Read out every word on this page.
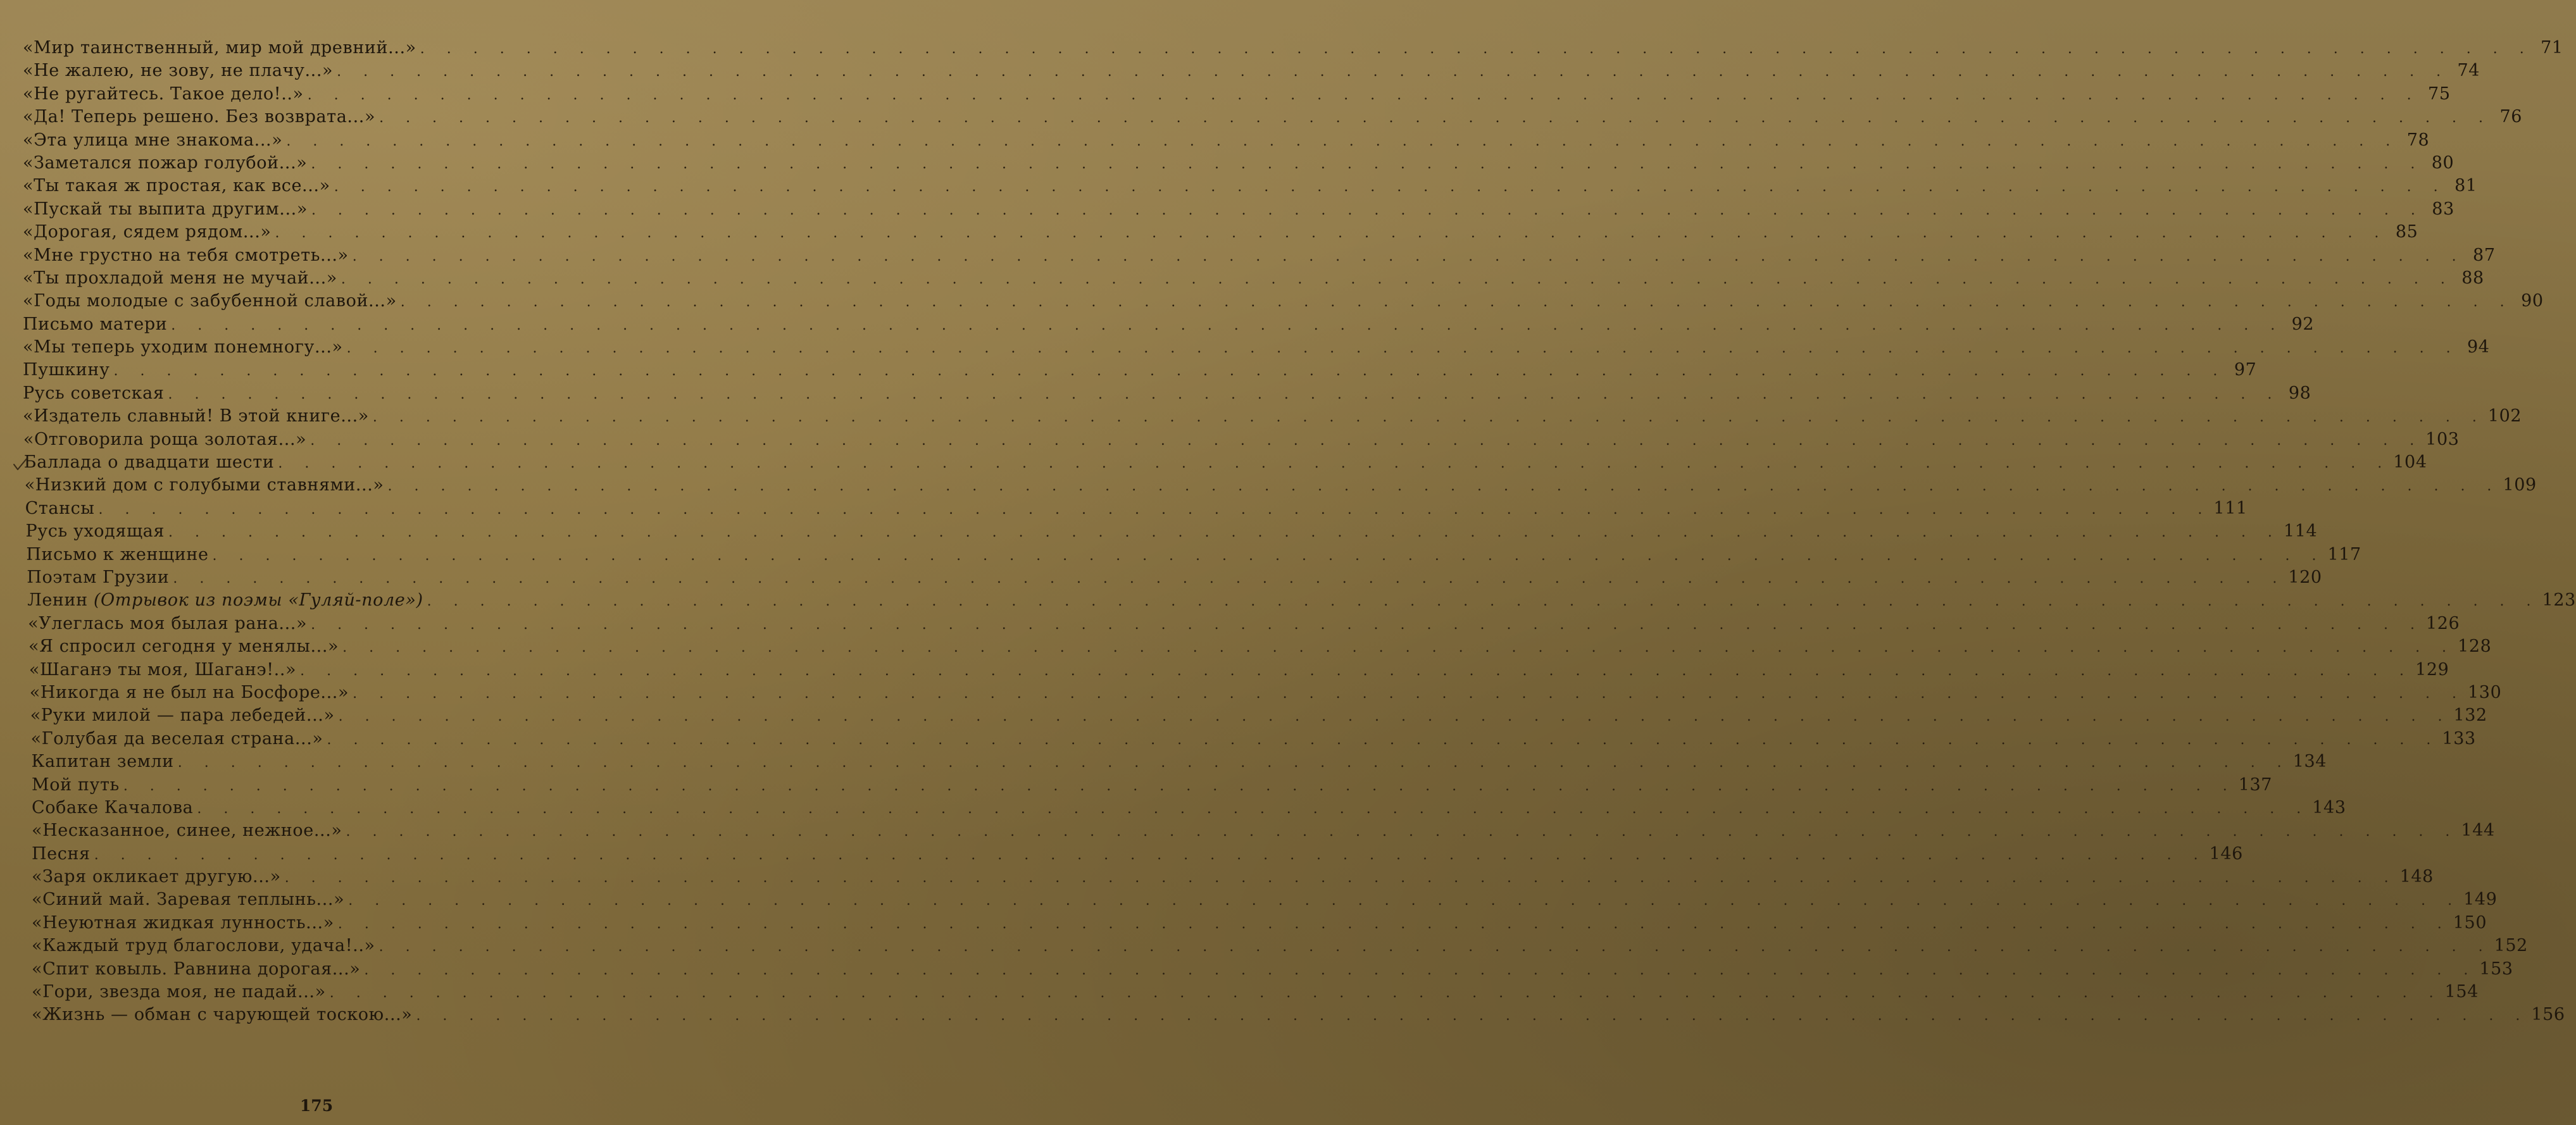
«Мир таинственный, мир мой древний...» . . . . . . . . . . . . . . . . . . . . . . . . . . . . . . . . . . . . . . . . . . . . . . . . . . . . . . . . . . . . . . . . . . . . . . . . . . . . . . . . 71
«Не жалею, не зову, не плачу...» . . . . . . . . . . . . . . . . . . . . . . . . . . . . . . . . . . . . . . . . . . . . . . . . . . . . . . . . . . . . . . . . . . . . . . . . . . . . . . . . 74
«Не ругайтесь. Такое дело!..» . . . . . . . . . . . . . . . . . . . . . . . . . . . . . . . . . . . . . . . . . . . . . . . . . . . . . . . . . . . . . . . . . . . . . . . . . . . . . . . . 75
«Да! Теперь решено. Без возврата...» . . . . . . . . . . . . . . . . . . . . . . . . . . . . . . . . . . . . . . . . . . . . . . . . . . . . . . . . . . . . . . . . . . . . . . . . . . . . . . . . 76
«Эта улица мне знакома...» . . . . . . . . . . . . . . . . . . . . . . . . . . . . . . . . . . . . . . . . . . . . . . . . . . . . . . . . . . . . . . . . . . . . . . . . . . . . . . . . 78
«Заметался пожар голубой...» . . . . . . . . . . . . . . . . . . . . . . . . . . . . . . . . . . . . . . . . . . . . . . . . . . . . . . . . . . . . . . . . . . . . . . . . . . . . . . . . 80
«Ты такая ж простая, как все...» . . . . . . . . . . . . . . . . . . . . . . . . . . . . . . . . . . . . . . . . . . . . . . . . . . . . . . . . . . . . . . . . . . . . . . . . . . . . . . . . 81
«Пускай ты выпита другим...» . . . . . . . . . . . . . . . . . . . . . . . . . . . . . . . . . . . . . . . . . . . . . . . . . . . . . . . . . . . . . . . . . . . . . . . . . . . . . . . . 83
«Дорогая, сядем рядом...» . . . . . . . . . . . . . . . . . . . . . . . . . . . . . . . . . . . . . . . . . . . . . . . . . . . . . . . . . . . . . . . . . . . . . . . . . . . . . . . . 85
«Мне грустно на тебя смотреть...» . . . . . . . . . . . . . . . . . . . . . . . . . . . . . . . . . . . . . . . . . . . . . . . . . . . . . . . . . . . . . . . . . . . . . . . . . . . . . . . . 87
«Ты прохладой меня не мучай...» . . . . . . . . . . . . . . . . . . . . . . . . . . . . . . . . . . . . . . . . . . . . . . . . . . . . . . . . . . . . . . . . . . . . . . . . . . . . . . . . 88
«Годы молодые с забубенной славой...» . . . . . . . . . . . . . . . . . . . . . . . . . . . . . . . . . . . . . . . . . . . . . . . . . . . . . . . . . . . . . . . . . . . . . . . . . . . . . . . . 90
Письмо матери . . . . . . . . . . . . . . . . . . . . . . . . . . . . . . . . . . . . . . . . . . . . . . . . . . . . . . . . . . . . . . . . . . . . . . . . . . . . . . . . 92
«Мы теперь уходим понемногу...» . . . . . . . . . . . . . . . . . . . . . . . . . . . . . . . . . . . . . . . . . . . . . . . . . . . . . . . . . . . . . . . . . . . . . . . . . . . . . . . . 94
Пушкину . . . . . . . . . . . . . . . . . . . . . . . . . . . . . . . . . . . . . . . . . . . . . . . . . . . . . . . . . . . . . . . . . . . . . . . . . . . . . . . . 97
Русь советская . . . . . . . . . . . . . . . . . . . . . . . . . . . . . . . . . . . . . . . . . . . . . . . . . . . . . . . . . . . . . . . . . . . . . . . . . . . . . . . . 98
«Издатель славный! В этой книге...» . . . . . . . . . . . . . . . . . . . . . . . . . . . . . . . . . . . . . . . . . . . . . . . . . . . . . . . . . . . . . . . . . . . . . . . . . . . . . . . . 102
«Отговорила роща золотая...» . . . . . . . . . . . . . . . . . . . . . . . . . . . . . . . . . . . . . . . . . . . . . . . . . . . . . . . . . . . . . . . . . . . . . . . . . . . . . . . . 103
Баллада о двадцати шести . . . . . . . . . . . . . . . . . . . . . . . . . . . . . . . . . . . . . . . . . . . . . . . . . . . . . . . . . . . . . . . . . . . . . . . . . . . . . . . . 104
«Низкий дом с голубыми ставнями...» . . . . . . . . . . . . . . . . . . . . . . . . . . . . . . . . . . . . . . . . . . . . . . . . . . . . . . . . . . . . . . . . . . . . . . . . . . . . . . . . 109
Стансы . . . . . . . . . . . . . . . . . . . . . . . . . . . . . . . . . . . . . . . . . . . . . . . . . . . . . . . . . . . . . . . . . . . . . . . . . . . . . . . . 111
Русь уходящая . . . . . . . . . . . . . . . . . . . . . . . . . . . . . . . . . . . . . . . . . . . . . . . . . . . . . . . . . . . . . . . . . . . . . . . . . . . . . . . . 114
Письмо к женщине . . . . . . . . . . . . . . . . . . . . . . . . . . . . . . . . . . . . . . . . . . . . . . . . . . . . . . . . . . . . . . . . . . . . . . . . . . . . . . . . 117
Поэтам Грузии . . . . . . . . . . . . . . . . . . . . . . . . . . . . . . . . . . . . . . . . . . . . . . . . . . . . . . . . . . . . . . . . . . . . . . . . . . . . . . . . 120
Ленин (Отрывок из поэмы «Гуляй-поле») . . . . . . . . . . . . . . . . . . . . . . . . . . . . . . . . . . . . . . . . . . . . . . . . . . . . . . . . . . . . . . . . . . . . . . . . . . . . . . . . 123
«Улеглась моя былая рана...» . . . . . . . . . . . . . . . . . . . . . . . . . . . . . . . . . . . . . . . . . . . . . . . . . . . . . . . . . . . . . . . . . . . . . . . . . . . . . . . . 126
«Я спросил сегодня у менялы...» . . . . . . . . . . . . . . . . . . . . . . . . . . . . . . . . . . . . . . . . . . . . . . . . . . . . . . . . . . . . . . . . . . . . . . . . . . . . . . . . 128
«Шаганэ ты моя, Шаганэ!..» . . . . . . . . . . . . . . . . . . . . . . . . . . . . . . . . . . . . . . . . . . . . . . . . . . . . . . . . . . . . . . . . . . . . . . . . . . . . . . . . 129
«Никогда я не был на Босфоре...» . . . . . . . . . . . . . . . . . . . . . . . . . . . . . . . . . . . . . . . . . . . . . . . . . . . . . . . . . . . . . . . . . . . . . . . . . . . . . . . . 130
«Руки милой — пара лебедей...» . . . . . . . . . . . . . . . . . . . . . . . . . . . . . . . . . . . . . . . . . . . . . . . . . . . . . . . . . . . . . . . . . . . . . . . . . . . . . . . . 132
«Голубая да веселая страна...» . . . . . . . . . . . . . . . . . . . . . . . . . . . . . . . . . . . . . . . . . . . . . . . . . . . . . . . . . . . . . . . . . . . . . . . . . . . . . . . . 133
Капитан земли . . . . . . . . . . . . . . . . . . . . . . . . . . . . . . . . . . . . . . . . . . . . . . . . . . . . . . . . . . . . . . . . . . . . . . . . . . . . . . . . 134
Мой путь . . . . . . . . . . . . . . . . . . . . . . . . . . . . . . . . . . . . . . . . . . . . . . . . . . . . . . . . . . . . . . . . . . . . . . . . . . . . . . . . 137
Собаке Качалова . . . . . . . . . . . . . . . . . . . . . . . . . . . . . . . . . . . . . . . . . . . . . . . . . . . . . . . . . . . . . . . . . . . . . . . . . . . . . . . . 143
«Несказанное, синее, нежное...» . . . . . . . . . . . . . . . . . . . . . . . . . . . . . . . . . . . . . . . . . . . . . . . . . . . . . . . . . . . . . . . . . . . . . . . . . . . . . . . . 144
Песня . . . . . . . . . . . . . . . . . . . . . . . . . . . . . . . . . . . . . . . . . . . . . . . . . . . . . . . . . . . . . . . . . . . . . . . . . . . . . . . . 146
«Заря окликает другую...» . . . . . . . . . . . . . . . . . . . . . . . . . . . . . . . . . . . . . . . . . . . . . . . . . . . . . . . . . . . . . . . . . . . . . . . . . . . . . . . . 148
«Синий май. Заревая теплынь...» . . . . . . . . . . . . . . . . . . . . . . . . . . . . . . . . . . . . . . . . . . . . . . . . . . . . . . . . . . . . . . . . . . . . . . . . . . . . . . . . 149
«Неуютная жидкая лунность...» . . . . . . . . . . . . . . . . . . . . . . . . . . . . . . . . . . . . . . . . . . . . . . . . . . . . . . . . . . . . . . . . . . . . . . . . . . . . . . . . 150
«Каждый труд благослови, удача!..» . . . . . . . . . . . . . . . . . . . . . . . . . . . . . . . . . . . . . . . . . . . . . . . . . . . . . . . . . . . . . . . . . . . . . . . . . . . . . . . . 152
«Спит ковыль. Равнина дорогая...» . . . . . . . . . . . . . . . . . . . . . . . . . . . . . . . . . . . . . . . . . . . . . . . . . . . . . . . . . . . . . . . . . . . . . . . . . . . . . . . . 153
«Гори, звезда моя, не падай...» . . . . . . . . . . . . . . . . . . . . . . . . . . . . . . . . . . . . . . . . . . . . . . . . . . . . . . . . . . . . . . . . . . . . . . . . . . . . . . . . 154
«Жизнь — обман с чарующей тоскою...» . . . . . . . . . . . . . . . . . . . . . . . . . . . . . . . . . . . . . . . . . . . . . . . . . . . . . . . . . . . . . . . . . . . . . . . . . . . . . . . . 156
175
